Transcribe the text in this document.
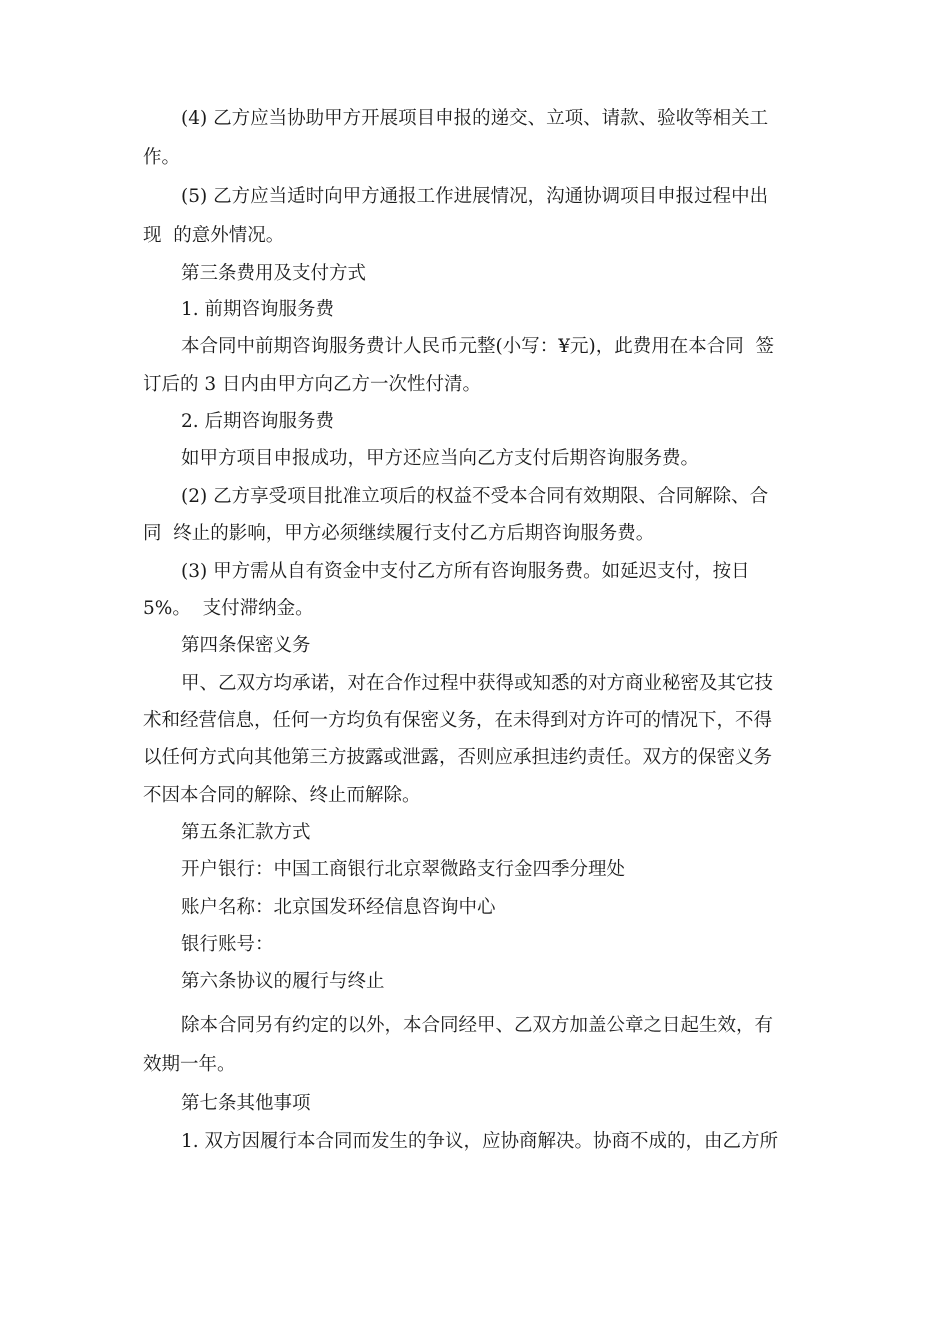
(4) 乙方应当协助甲方开展项目申报的递交、立项、请款、验收等相关工
作。
(5) 乙方应当适时向甲方通报工作进展情况，沟通协调项目申报过程中出
现  的意外情况。
第三条费用及支付方式
1. 前期咨询服务费
本合同中前期咨询服务费计人民币元整(小写：¥元)，此费用在本合同  签
订后的 3 日内由甲方向乙方一次性付清。
2. 后期咨询服务费
如甲方项目申报成功，甲方还应当向乙方支付后期咨询服务费。
(2) 乙方享受项目批准立项后的权益不受本合同有效期限、合同解除、合
同  终止的影响，甲方必须继续履行支付乙方后期咨询服务费。
(3) 甲方需从自有资金中支付乙方所有咨询服务费。如延迟支付，按日
5%。  支付滞纳金。
第四条保密义务
甲、乙双方均承诺，对在合作过程中获得或知悉的对方商业秘密及其它技
术和经营信息，任何一方均负有保密义务，在未得到对方许可的情况下，不得
以任何方式向其他第三方披露或泄露，否则应承担违约责任。双方的保密义务
不因本合同的解除、终止而解除。
第五条汇款方式
开户银行：中国工商银行北京翠微路支行金四季分理处
账户名称：北京国发环经信息咨询中心
银行账号：
第六条协议的履行与终止
除本合同另有约定的以外，本合同经甲、乙双方加盖公章之日起生效，有
效期一年。
第七条其他事项
1. 双方因履行本合同而发生的争议，应协商解决。协商不成的，由乙方所
